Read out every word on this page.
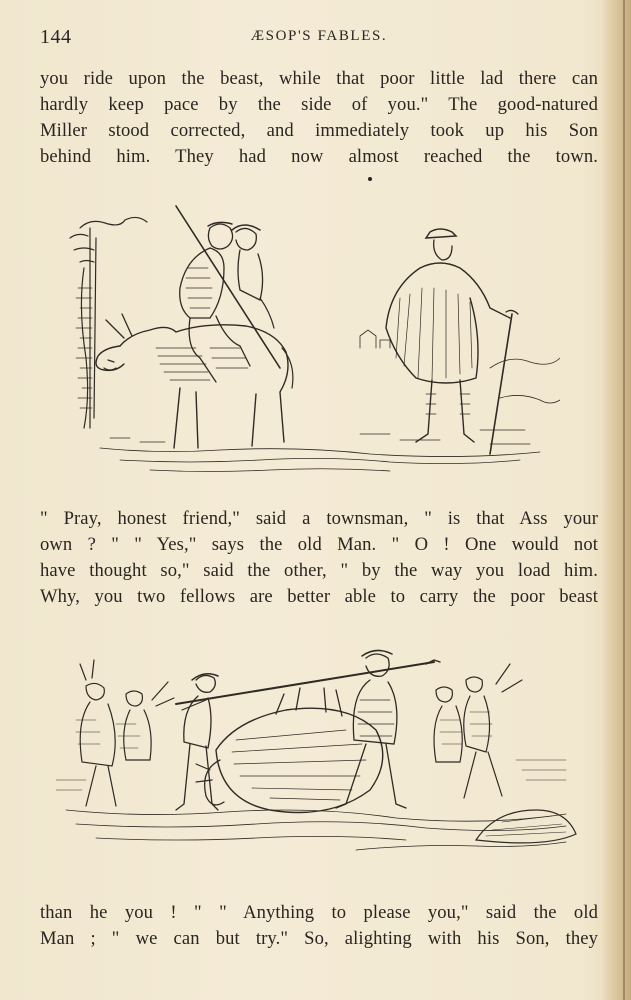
144	ÆSOP'S FABLES.
you ride upon the beast, while that poor little lad there can
hardly keep pace by the side of you." The good-natured
Miller stood corrected, and immediately took up his Son
behind him. They had now almost reached the town.
" Pray, honest friend," said a townsman, " is that Ass your
own ? " " Yes," says the old Man. " O ! One would not
have thought so," said the other, " by the way you load him.
Why, you two fellows are better able to carry the poor beast
than he you ! " " Anything to please you," said the old
Man ; " we can but try." So, alighting with his Son, they
